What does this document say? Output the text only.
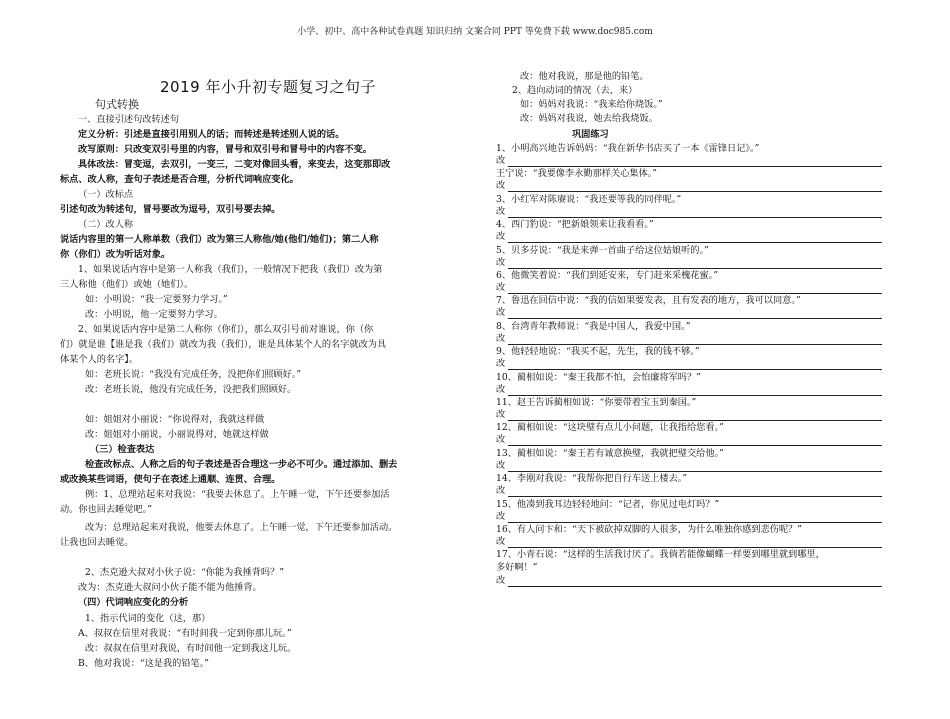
小学、初中、高中各种试卷真题 知识归纳 文案合同 PPT 等免费下载 www.doc985.com
2019 年小升初专题复习之句子
句式转换
一、直接引述句改转述句
定义分析：引述是直接引用别人的话；而转述是转述别人说的话。
改写原则：只改变双引号里的内容，冒号和双引号和冒号中的内容不变。
具体改法：冒变逗，去双引，一变三，二变对像回头看，来变去，这变那即改
标点、改人称，查句子表述是否合理，分析代词响应变化。
（一）改标点
引述句改为转述句，冒号要改为逗号，双引号要去掉。
（二）改人称
说话内容里的第一人称单数（我们）改为第三人称他/她(他们/她们)；第二人称
你（你们）改为听话对象。
1、如果说话内容中是第一人称我（我们），一般情况下把我（我们）改为第
三人称他（他们）或她（她们）。
如：小明说：“我一定要努力学习。”
改：小明说，他一定要努力学习。
2、如果说话内容中是第二人称你（你们），那么双引号前对谁说，你（你
们）就是谁【谁是我（我们）就改为我（我们），谁是具体某个人的名字就改为具
体某个人的名字】。
如：老班长说：“我没有完成任务，没把你们照顾好。”
改：老班长说，他没有完成任务，没把我们照顾好。
如：姐姐对小丽说：“你说得对，我就这样做
改：姐姐对小丽说，小丽说得对，她就这样做
（三）检查表达
检查改标点、人称之后的句子表述是否合理这一步必不可少。通过添加、删去
或改换某些词语，使句子在表述上通顺、连贯、合理。
例：1、总理站起来对我说：“我要去休息了。上午睡一觉，下午还要参加活
动。你也回去睡觉吧。”
改为：总理站起来对我说，他要去休息了。上午睡一觉，下午还要参加活动。
让我也回去睡觉。
2、杰克逊大叔对小伙子说：“你能为我捶背吗？”
改为：杰克逊大叔问小伙子能不能为他捶背。
（四）代词响应变化的分析
1、指示代词的变化（这，那）
A、叔叔在信里对我说：“有时间我一定到你那儿玩。”
改：叔叔在信里对我说，有时间他一定到我这儿玩。
B、他对我说：“这是我的铅笔。”
改：他对我说，那是他的铅笔。
2、趋向动词的情况（去，来）
如：妈妈对我说：“我来给你烧饭。”
改：妈妈对我说，她去给我烧饭。
巩固练习
1、小明高兴地告诉妈妈：“我在新华书店买了一本《雷锋日记》。”
改
王宁说：“我要像李永勤那样关心集体。”
改
3、小红军对陈赓说：“我还要等我的同伴呢。”
改
4、西门豹说：“把新娘领来让我看看。”
改
5、贝多芬说：“我是来弹一首曲子给这位姑娘听的。”
改
6、他微笑着说：“我们到延安来，专门赶来采槐花蜜。”
改
7、鲁迅在回信中说：“我的信如果要发表，且有发表的地方，我可以同意。”
改
8、台湾青年教师说：“我是中国人，我爱中国。”
改
9、他轻轻地说：“我买不起，先生，我的钱不够。”
改
10、蔺相如说：“秦王我都不怕，会怕廉将军吗？”
改
11、赵王告诉蔺相如说：“你要带着宝玉到秦国。”
改
12、蔺相如说：“这块璧有点儿小问题，让我指给您看。”
改
13、蔺相如说：“秦王若有诚意换璧，我就把璧交给他。”
改
14、李刚对我说：“我帮你把自行车送上楼去。”
改
15、他凑到我耳边轻轻地问：“记者，你见过电灯吗？”
改
16、有人问卞和：“天下被砍掉双脚的人很多，为什么唯独你感到悲伤呢？”
改
17、小青石说：“这样的生活我讨厌了。我倘若能像蝴蝶一样要到哪里就到哪里，
多好啊！”
改
